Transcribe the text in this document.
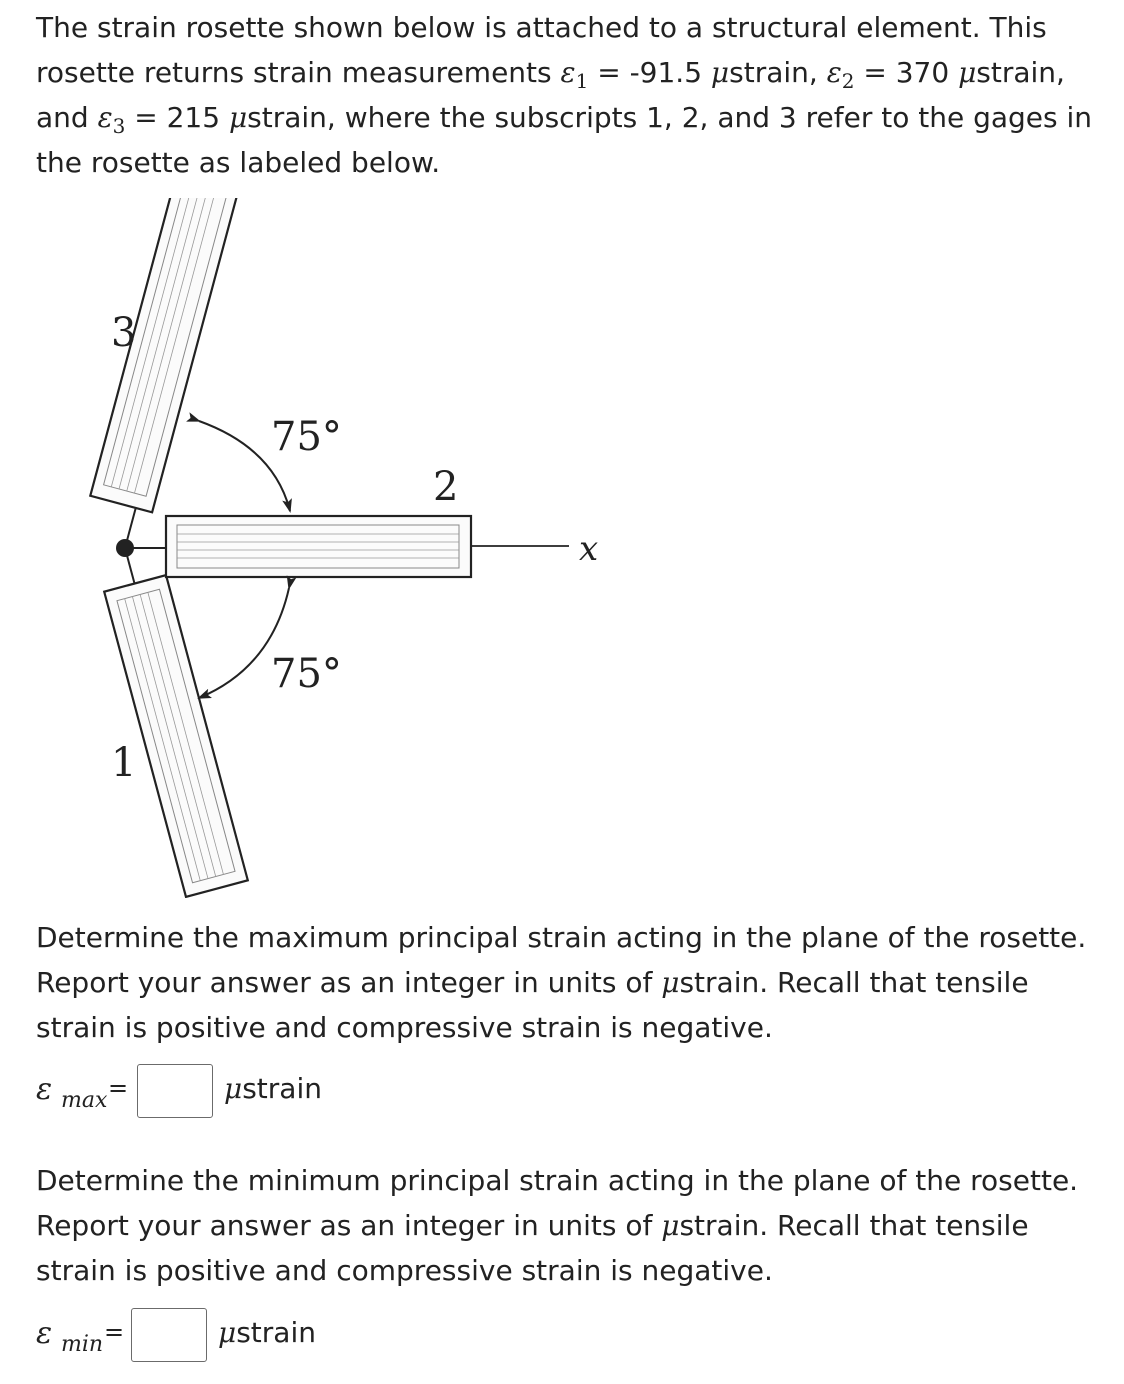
The strain rosette shown below is attached to a structural element. This rosette returns strain measurements $\varepsilon_1 = -91.5$ μstrain, $\varepsilon_2 = 370$ μstrain, and $\varepsilon_3 = 215$ μstrain, where the subscripts 1, 2, and 3 refer to the gages in the rosette as labeled below.

x
3
2
1
75°
75°

Determine the maximum principal strain acting in the plane of the rosette. Report your answer as an integer in units of μstrain. Recall that tensile strain is positive and compressive strain is negative.

ε $_{max}$ =	μstrain

Determine the minimum principal strain acting in the plane of the rosette. Report your answer as an integer in units of μstrain. Recall that tensile strain is positive and compressive strain is negative.

ε $_{min}$ =	μstrain
